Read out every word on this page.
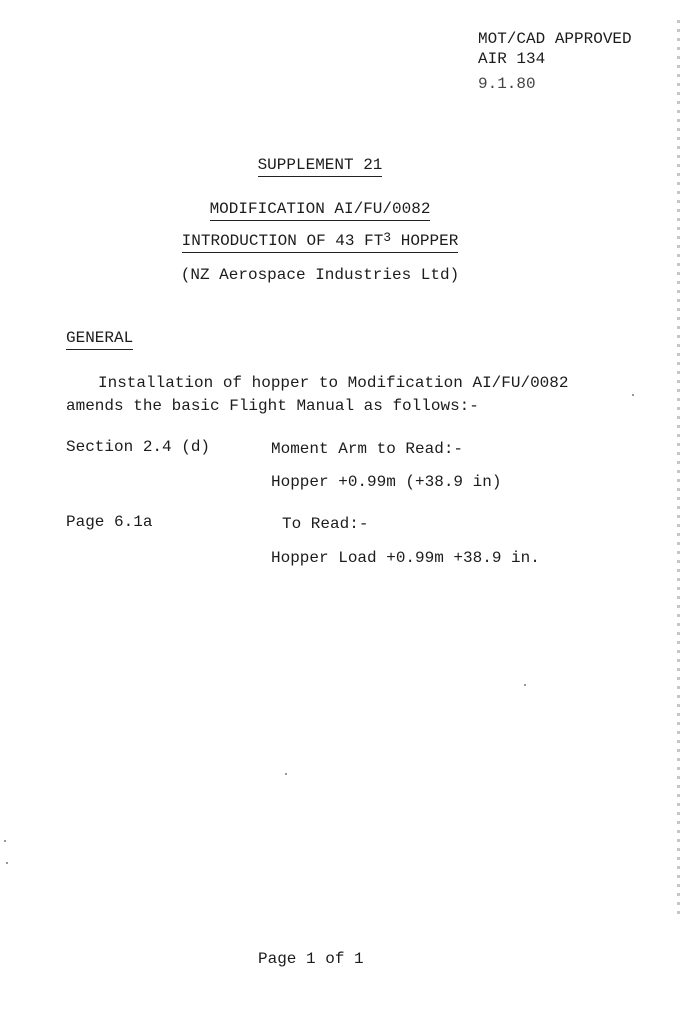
MOT/CAD APPROVED
AIR 134
9.1.80
SUPPLEMENT 21
MODIFICATION AI/FU/0082
INTRODUCTION OF 43 $FT^3$ HOPPER
(NZ Aerospace Industries Ltd)
GENERAL
Installation of hopper to Modification AI/FU/0082
amends the basic Flight Manual as follows:-
Section 2.4 (d)	Moment Arm to Read:-
Hopper +0.99m (+38.9 in)
Page 6.1a	To Read:-
Hopper Load +0.99m +38.9 in.
Page 1 of 1
